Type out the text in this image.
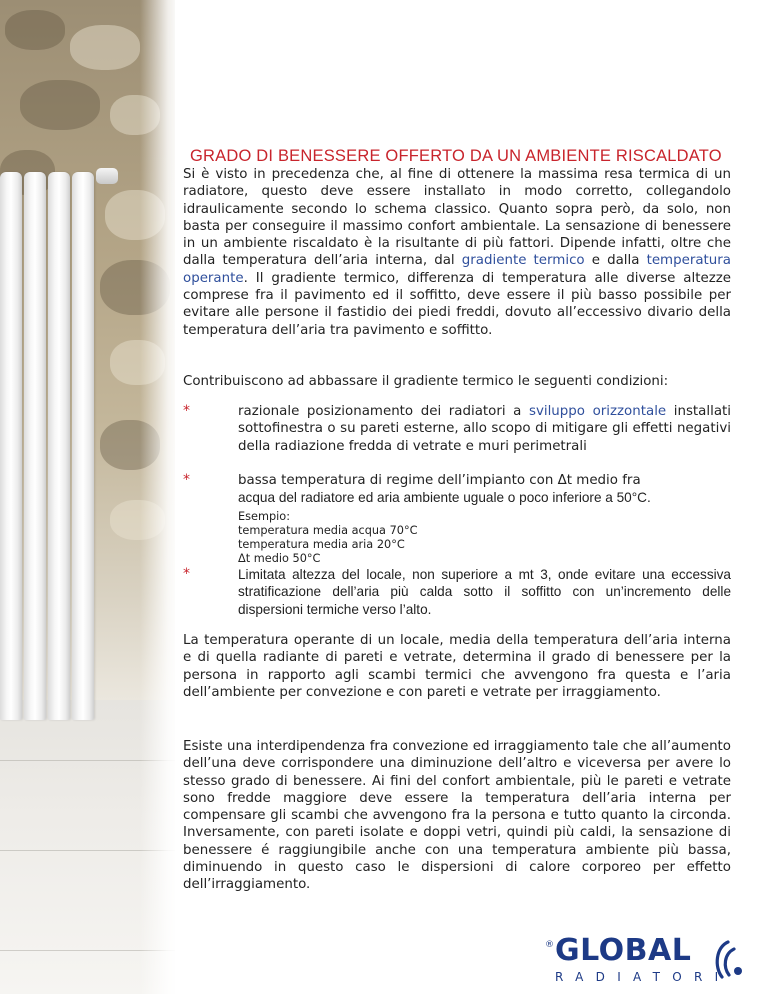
GRADO DI BENESSERE OFFERTO DA UN AMBIENTE RISCALDATO

Si è visto in precedenza che, al fine di ottenere la massima resa termica di un radiatore, questo deve essere installato in modo corretto, collegandolo idraulicamente secondo lo schema classico. Quanto sopra però, da solo, non basta per conseguire il massimo confort ambientale. La sensazione di benessere in un ambiente riscaldato è la risultante di più fattori. Dipende infatti, oltre che dalla temperatura dell’aria interna, dal gradiente termico e dalla temperatura operante. Il gradiente termico, differenza di temperatura alle diverse altezze comprese fra il pavimento ed il soffitto, deve essere il più basso possibile per evitare alle persone il fastidio dei piedi freddi, dovuto all’eccessivo divario della temperatura dell’aria tra pavimento e soffitto.

Contribuiscono ad abbassare il gradiente termico le seguenti condizioni:

*	razionale posizionamento dei radiatori a sviluppo orizzontale installati sottofinestra o su pareti esterne, allo scopo di mitigare gli effetti negativi della radiazione fredda di vetrate e muri perimetrali

*	bassa temperatura di regime dell’impianto con Δt medio fra
acqua del radiatore ed aria ambiente uguale o poco inferiore a 50°C.
Esempio:
temperatura media acqua 70°C
temperatura media aria 20°C
Δt medio 50°C
*	Limitata altezza del locale, non superiore a mt 3, onde evitare una eccessiva stratificazione dell’aria più calda sotto il soffitto con un’incremento delle dispersioni termiche verso l’alto.

La temperatura operante di un locale, media della temperatura dell’aria interna e di quella radiante di pareti e vetrate, determina il grado di benessere per la persona in rapporto agli scambi termici che avvengono fra questa e l’aria dell’ambiente per convezione e con pareti e vetrate per irraggiamento.

Esiste una interdipendenza fra convezione ed irraggiamento tale che all’aumento dell’una deve corrispondere una diminuzione dell’altro e viceversa per avere lo stesso grado di benessere. Ai fini del confort ambientale, più le pareti e vetrate sono fredde maggiore deve essere la temperatura dell’aria interna per compensare gli scambi che avvengono fra la persona e tutto quanto la circonda. Inversamente, con pareti isolate e doppi vetri, quindi più caldi, la sensazione di benessere é raggiungibile anche con una temperatura ambiente più bassa, diminuendo in questo caso le dispersioni di calore corporeo per effetto dell’irraggiamento.

® GLOBAL
RADIATORI
